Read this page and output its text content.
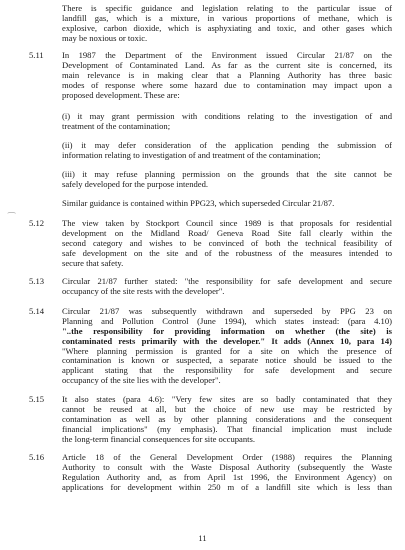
There is specific guidance and legislation relating to the particular issue of
landfill gas, which is a mixture, in various proportions of methane, which is
explosive, carbon dioxide, which is asphyxiating and toxic, and other gases which
may be noxious or toxic.
5.11 In 1987 the Department of the Environment issued Circular 21/87 on the
Development of Contaminated Land. As far as the current site is concerned, its
main relevance is in making clear that a Planning Authority has three basic
modes of response where some hazard due to contamination may impact upon a
proposed development. These are:
(i) it may grant permission with conditions relating to the investigation of and
treatment of the contamination;
(ii) it may defer consideration of the application pending the submission of
information relating to investigation of and treatment of the contamination;
(iii) it may refuse planning permission on the grounds that the site cannot be
safely developed for the purpose intended.
Similar guidance is contained within PPG23, which superseded Circular 21/87.
5.12 The view taken by Stockport Council since 1989 is that proposals for residential
development on the Midland Road/ Geneva Road Site fall clearly within the
second category and wishes to be convinced of both the technical feasibility of
safe development on the site and of the robustness of the measures intended to
secure that safety.
5.13 Circular 21/87 further stated: "the responsibility for safe development and secure
occupancy of the site rests with the developer".
5.14 Circular 21/87 was subsequently withdrawn and superseded by PPG 23 on
Planning and Pollution Control (June 1994), which states instead: (para 4.10)
"..the responsibility for providing information on whether (the site) is
contaminated rests primarily with the developer." It adds (Annex 10, para 14)
"Where planning permission is granted for a site on which the presence of
contamination is known or suspected, a separate notice should be issued to the
applicant stating that the responsibility for safe development and secure
occupancy of the site lies with the developer".
5.15 It also states (para 4.6): "Very few sites are so badly contaminated that they
cannot be reused at all, but the choice of new use may be restricted by
contamination as well as by other planning considerations and the consequent
financial implications" (my emphasis). That financial implication must include
the long-term financial consequences for site occupants.
5.16 Article 18 of the General Development Order (1988) requires the Planning
Authority to consult with the Waste Disposal Authority (subsequently the Waste
Regulation Authority and, as from April 1st 1996, the Environment Agency) on
applications for development within 250 m of a landfill site which is less than
⁀
11
